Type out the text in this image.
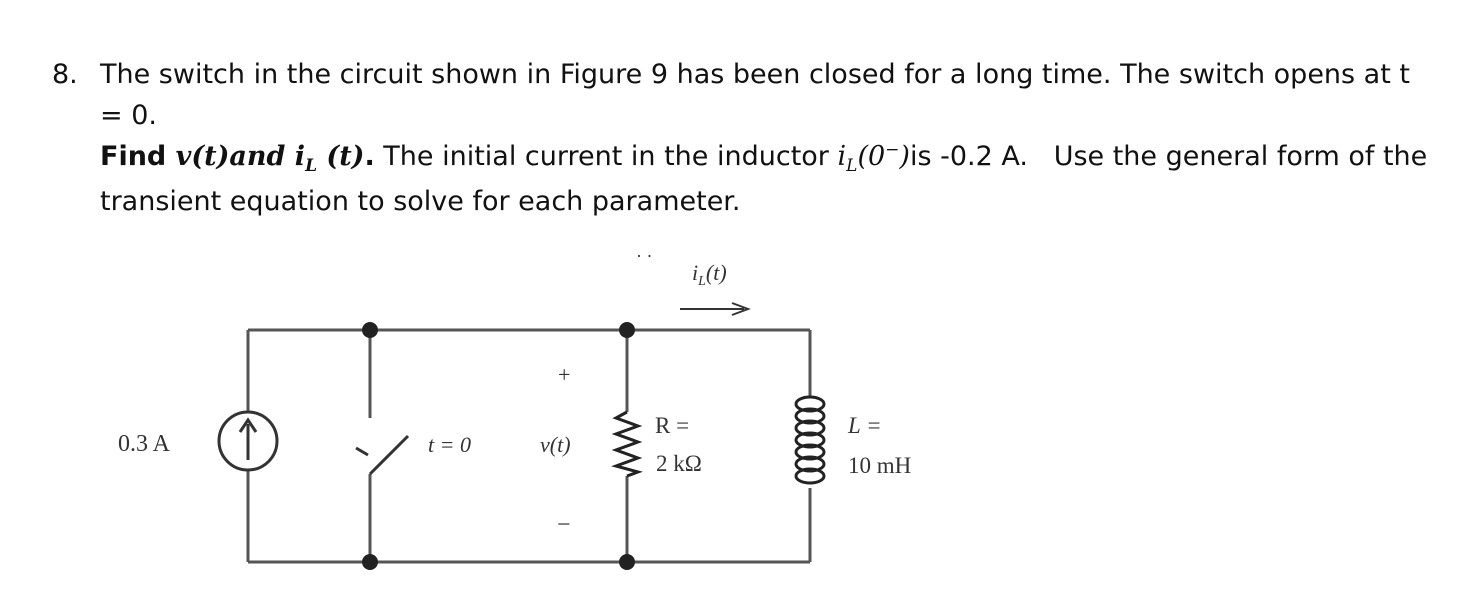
8. The switch in the circuit shown in Figure 9 has been closed for a long time. The switch opens at t = 0.
Find v(t)and $i_L$ (t). The initial current in the inductor $i_L(0^-)is$ -0.2 A.   Use the general form of the
transient equation to solve for each parameter.
0.3 A	t = 0
+
v(t)
−
R =
2 kΩ
L =
10 mH
$i_L(t)$
· ·
